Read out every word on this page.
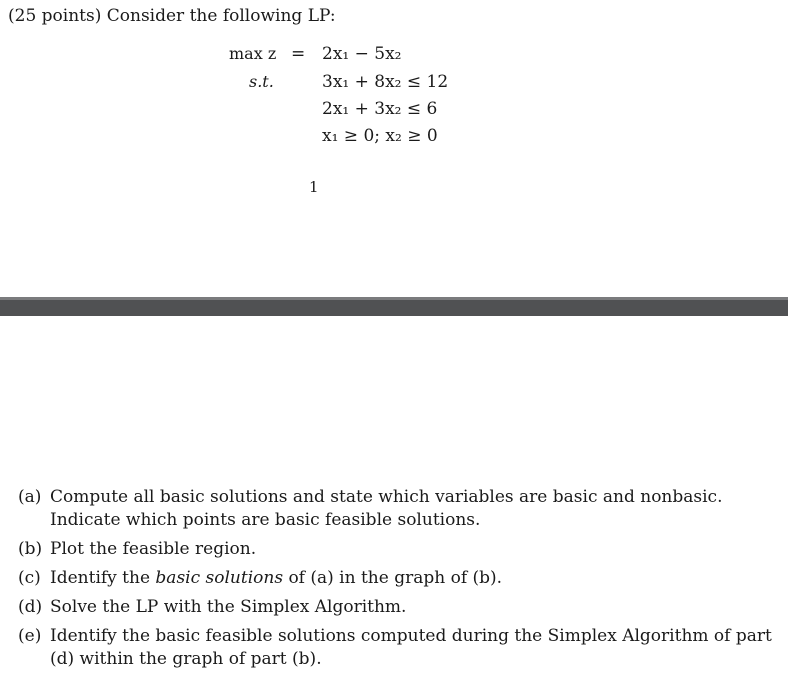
(25 points) Consider the following LP:
max z = 2x₁ − 5x₂
s.t.	3x₁ + 8x₂ ≤ 12
2x₁ + 3x₂ ≤ 6
x₁ ≥ 0; x₂ ≥ 0
1
(a) Compute all basic solutions and state which variables are basic and nonbasic. Indicate which points are basic feasible solutions.
(b) Plot the feasible region.
(c) Identify the basic solutions of (a) in the graph of (b).
(d) Solve the LP with the Simplex Algorithm.
(e) Identify the basic feasible solutions computed during the Simplex Algorithm of part (d) within the graph of part (b).
